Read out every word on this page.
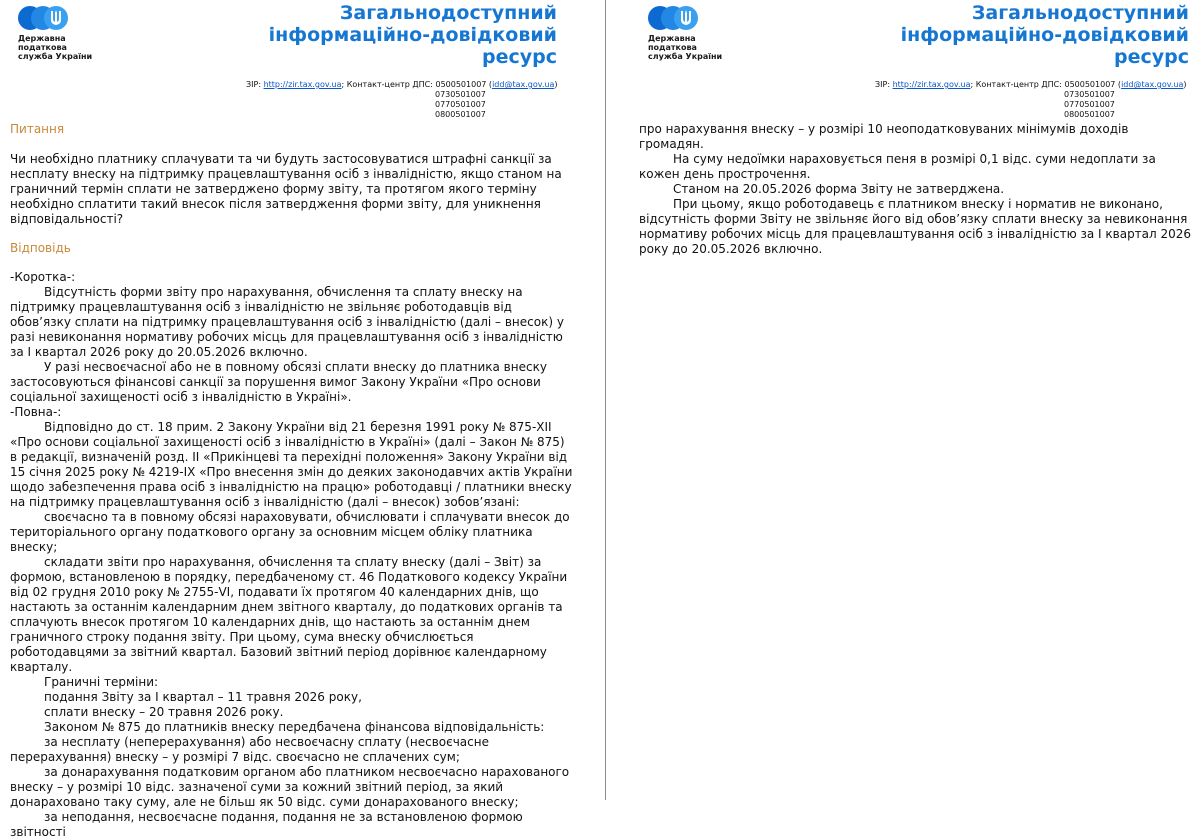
Державна податкова
служба України
Загальнодоступний
інформаційно-довідковий
ресурс
ЗІР: http://zir.tax.gov.ua; Контакт-центр ДПС: 0500501007 (idd@tax.gov.ua)
0730501007
0770501007
0800501007
Питання

Чи необхідно платнику сплачувати та чи будуть застосовуватися штрафні санкції за несплату внеску на підтримку працевлаштування осіб з інвалідністю, якщо станом на граничний термін сплати не затверджено форму звіту, та протягом якого терміну необхідно сплатити такий внесок після затвердження форми звіту, для уникнення відповідальності?

Відповідь

-Коротка-:

Відсутність форми звіту про нарахування, обчислення та сплату внеску на підтримку працевлаштування осіб з інвалідністю не звільняє роботодавців від обов’язку сплати на підтримку працевлаштування осіб з інвалідністю (далі – внесок) у разі невиконання нормативу робочих місць для працевлаштування осіб з інвалідністю за I квартал 2026 року до 20.05.2026 включно.

У разі несвоєчасної або не в повному обсязі сплати внеску до платника внеску застосовуються фінансові санкції за порушення вимог Закону України «Про основи соціальної захищеності осіб з інвалідністю в Україні».

-Повна-:

Відповідно до ст. 18 прим. 2 Закону України від 21 березня 1991 року № 875-XII «Про основи соціальної захищеності осіб з інвалідністю в Україні» (далі – Закон № 875) в редакції, визначеній розд. II «Прикінцеві та перехідні положення» Закону України від 15 січня 2025 року № 4219-IX «Про внесення змін до деяких законодавчих актів України щодо забезпечення права осіб з інвалідністю на працю» роботодавці / платники внеску на підтримку працевлаштування осіб з інвалідністю (далі – внесок) зобов’язані:

своєчасно та в повному обсязі нараховувати, обчислювати і сплачувати внесок до територіального органу податкового органу за основним місцем обліку платника внеску;

складати звіти про нарахування, обчислення та сплату внеску (далі – Звіт) за формою, встановленою в порядку, передбаченому ст. 46 Податкового кодексу України від 02 грудня 2010 року № 2755-VI, подавати їх протягом 40 календарних днів, що настають за останнім календарним днем звітного кварталу, до податкових органів та сплачують внесок протягом 10 календарних днів, що настають за останнім днем граничного строку подання звіту. При цьому, сума внеску обчислюється роботодавцями за звітний квартал. Базовий звітний період дорівнює календарному кварталу.

Граничні терміни:

подання Звіту за I квартал – 11 травня 2026 року,

сплати внеску – 20 травня 2026 року.

Законом № 875 до платників внеску передбачена фінансова відповідальність:

за несплату (неперерахування) або несвоєчасну сплату (несвоєчасне перерахування) внеску – у розмірі 7 відс. своєчасно не сплачених сум;

за донарахування податковим органом або платником несвоєчасно нарахованого внеску – у розмірі 10 відс. зазначеної суми за кожний звітний період, за який донараховано таку суму, але не більш як 50 відс. суми донарахованого внеску;

за неподання, несвоєчасне подання, подання не за встановленою формою звітності

Державна податкова
служба України
Загальнодоступний
інформаційно-довідковий
ресурс
ЗІР: http://zir.tax.gov.ua; Контакт-центр ДПС: 0500501007 (idd@tax.gov.ua)
0730501007
0770501007
0800501007

про нарахування внеску – у розмірі 10 неоподатковуваних мінімумів доходів громадян.

На суму недоїмки нараховується пеня в розмірі 0,1 відс. суми недоплати за кожен день прострочення.

Станом на 20.05.2026 форма Звіту не затверджена.

При цьому, якщо роботодавець є платником внеску і норматив не виконано, відсутність форми Звіту не звільняє його від обов’язку сплати внеску за невиконання нормативу робочих місць для працевлаштування осіб з інвалідністю за I квартал 2026 року до 20.05.2026 включно.
